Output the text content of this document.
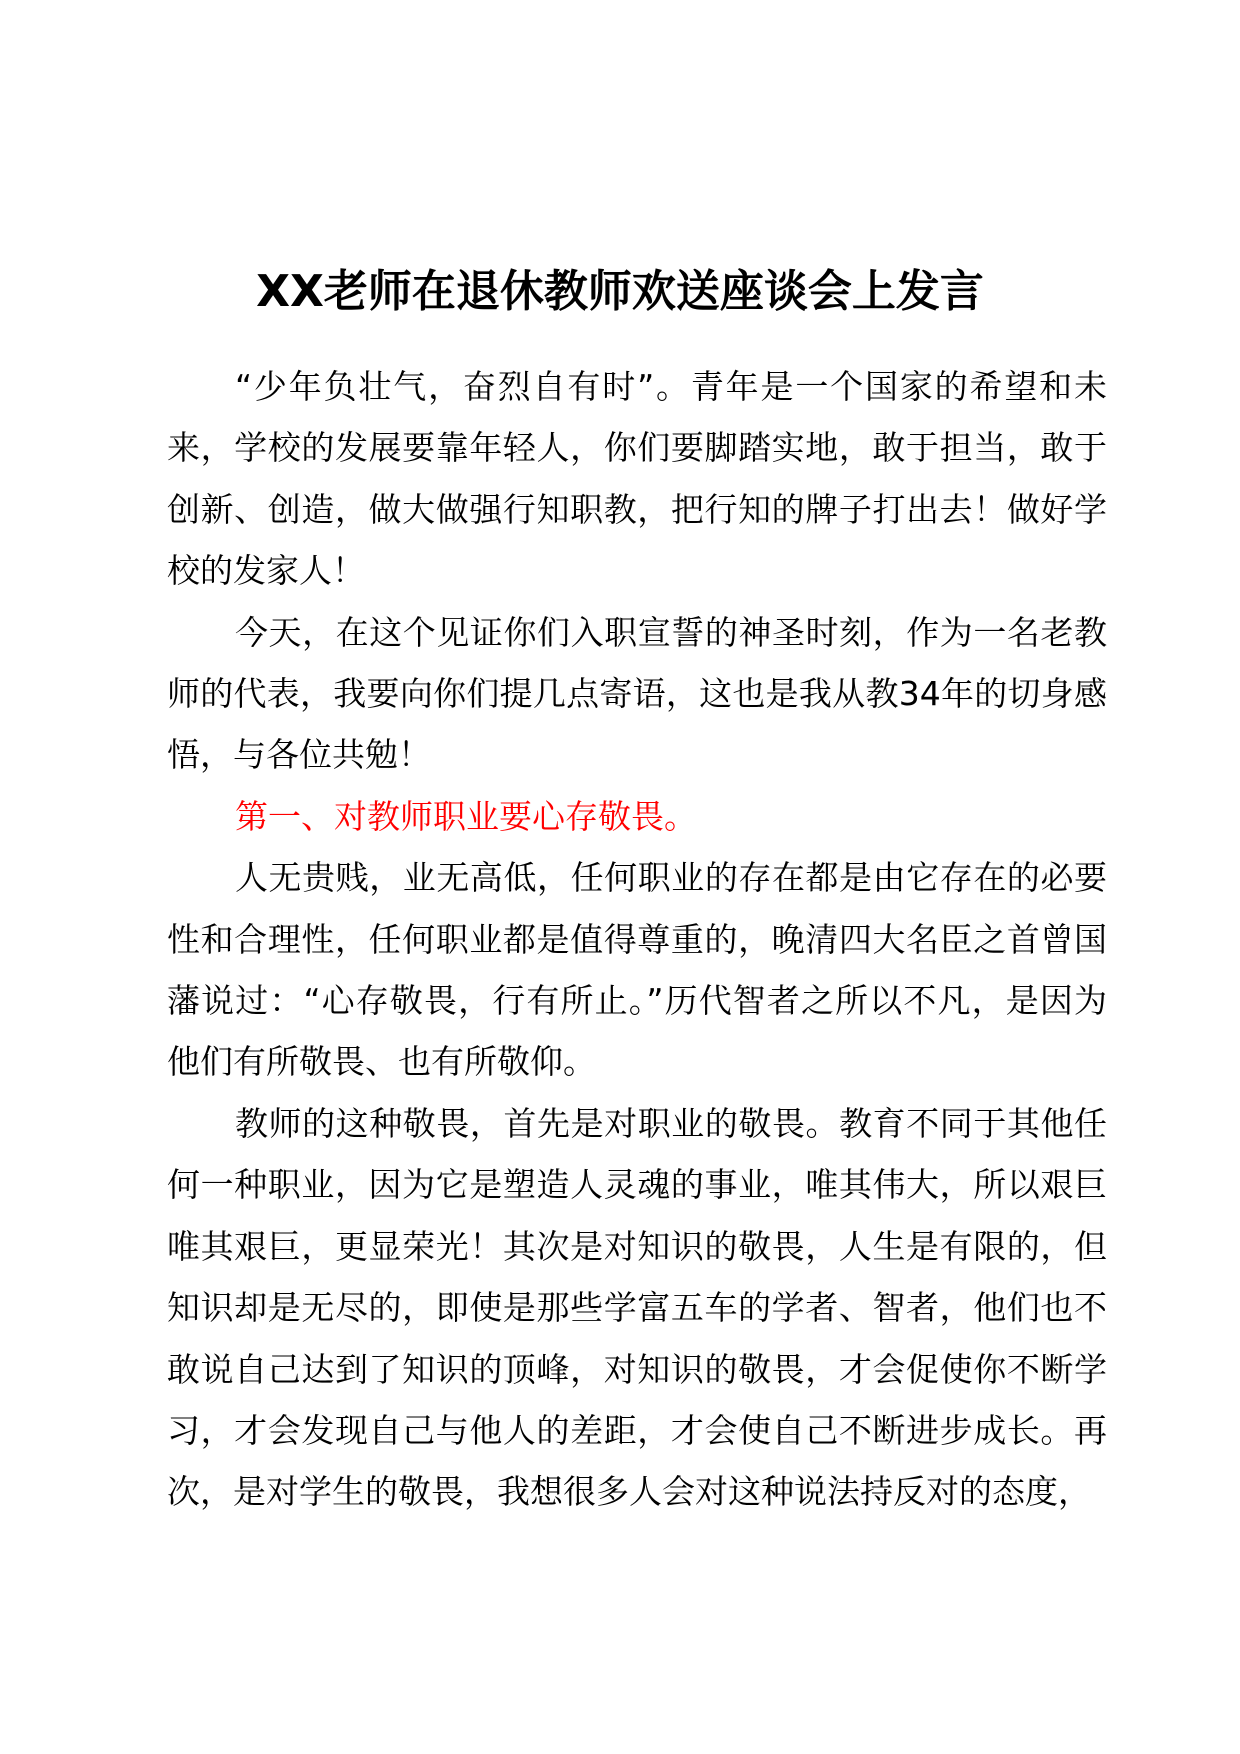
XX老师在退休教师欢送座谈会上发言

“少年负壮气，奋烈自有时”。青年是一个国家的希望和未来，学校的发展要靠年轻人，你们要脚踏实地，敢于担当，敢于创新、创造，做大做强行知职教，把行知的牌子打出去！做好学校的发家人！

今天，在这个见证你们入职宣誓的神圣时刻，作为一名老教师的代表，我要向你们提几点寄语，这也是我从教34年的切身感悟，与各位共勉！

第一、对教师职业要心存敬畏。

人无贵贱，业无高低，任何职业的存在都是由它存在的必要性和合理性，任何职业都是值得尊重的，晚清四大名臣之首曾国藩说过：“心存敬畏，行有所止。”历代智者之所以不凡，是因为他们有所敬畏、也有所敬仰。

教师的这种敬畏，首先是对职业的敬畏。教育不同于其他任何一种职业，因为它是塑造人灵魂的事业，唯其伟大，所以艰巨唯其艰巨，更显荣光！其次是对知识的敬畏，人生是有限的，但知识却是无尽的，即使是那些学富五车的学者、智者，他们也不敢说自己达到了知识的顶峰，对知识的敬畏，才会促使你不断学习，才会发现自己与他人的差距，才会使自己不断进步成长。再次，是对学生的敬畏，我想很多人会对这种说法持反对的态度，
